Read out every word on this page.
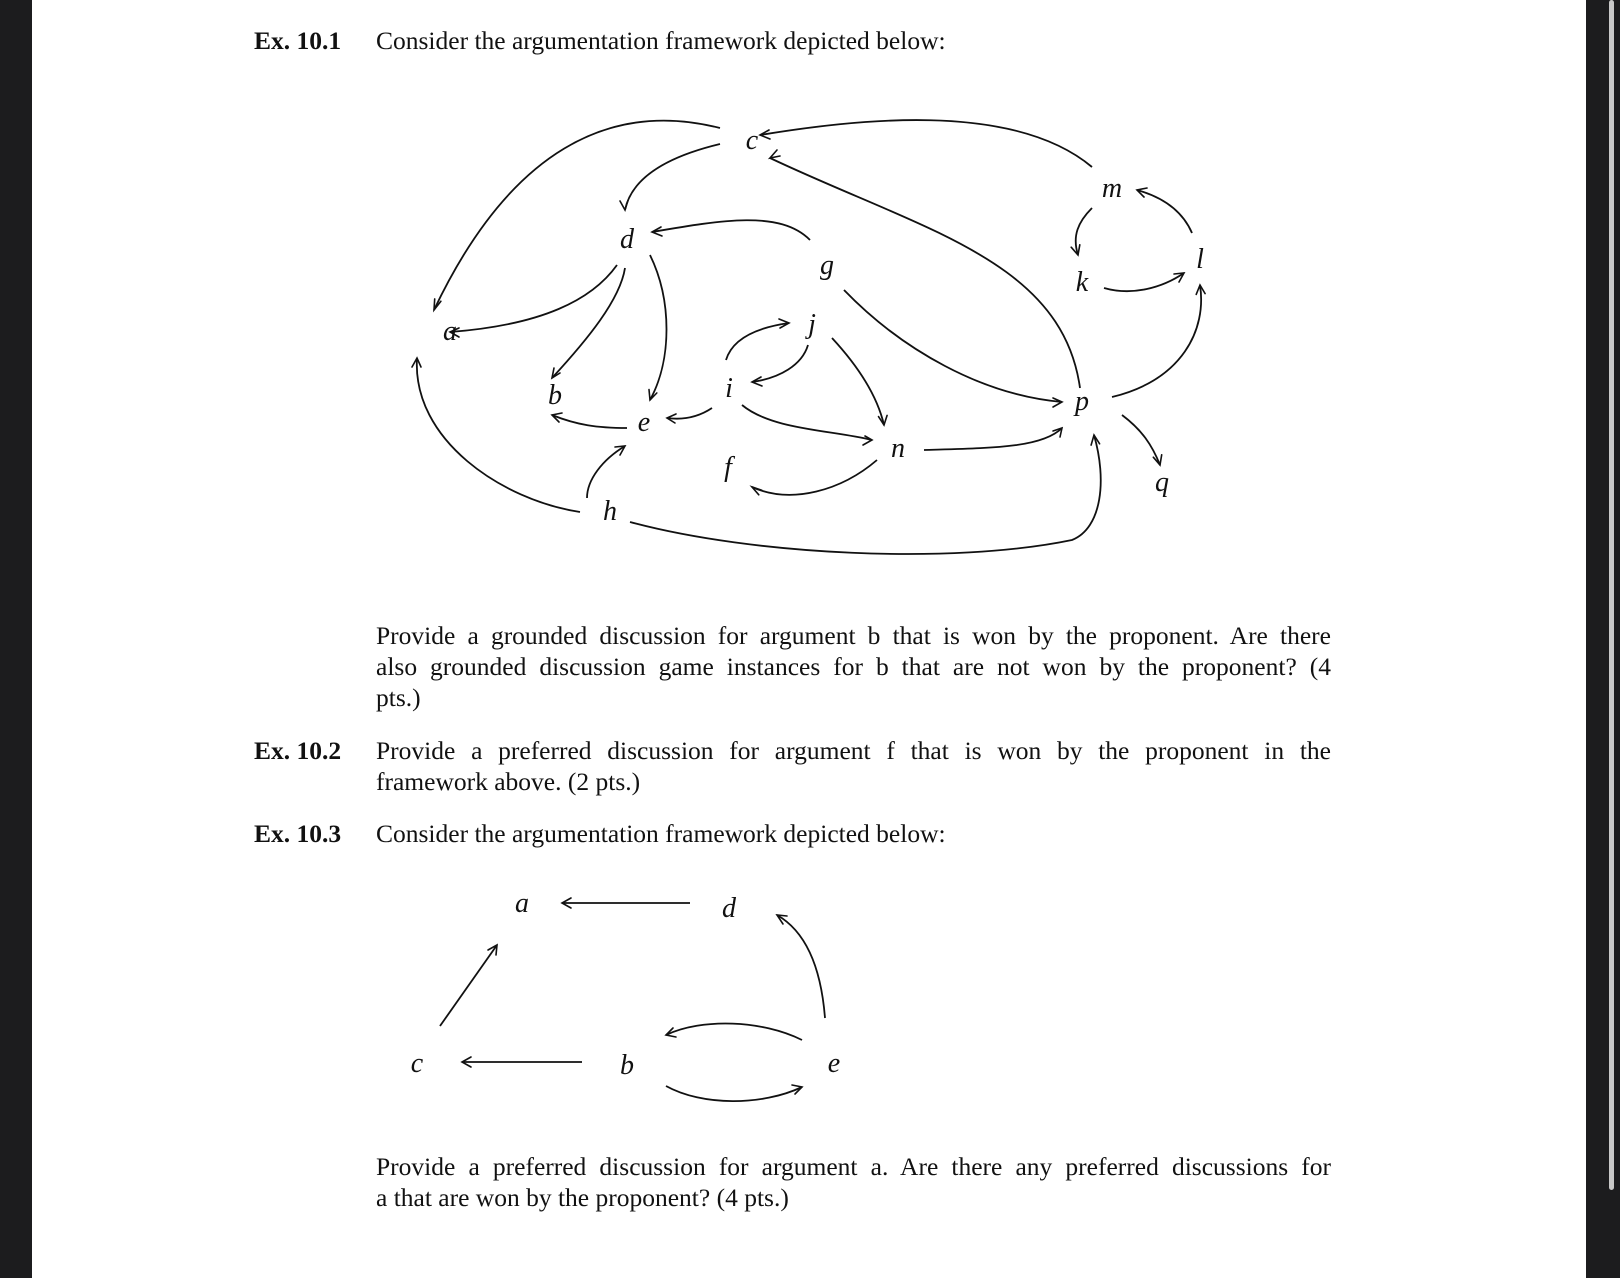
Ex. 10.1 Consider the argumentation framework depicted below:
a
b
c
d
e
f
g
h
i
j
k
l
m
n
p
q
a
b
c
d
e
Provide a grounded discussion for argument b that is won by the proponent. Are there
also grounded discussion game instances for b that are not won by the proponent? (4
pts.)
Ex. 10.2 Provide a preferred discussion for argument f that is won by the proponent in the
framework above. (2 pts.)
Ex. 10.3 Consider the argumentation framework depicted below:
Provide a preferred discussion for argument a. Are there any preferred discussions for
a that are won by the proponent? (4 pts.)
